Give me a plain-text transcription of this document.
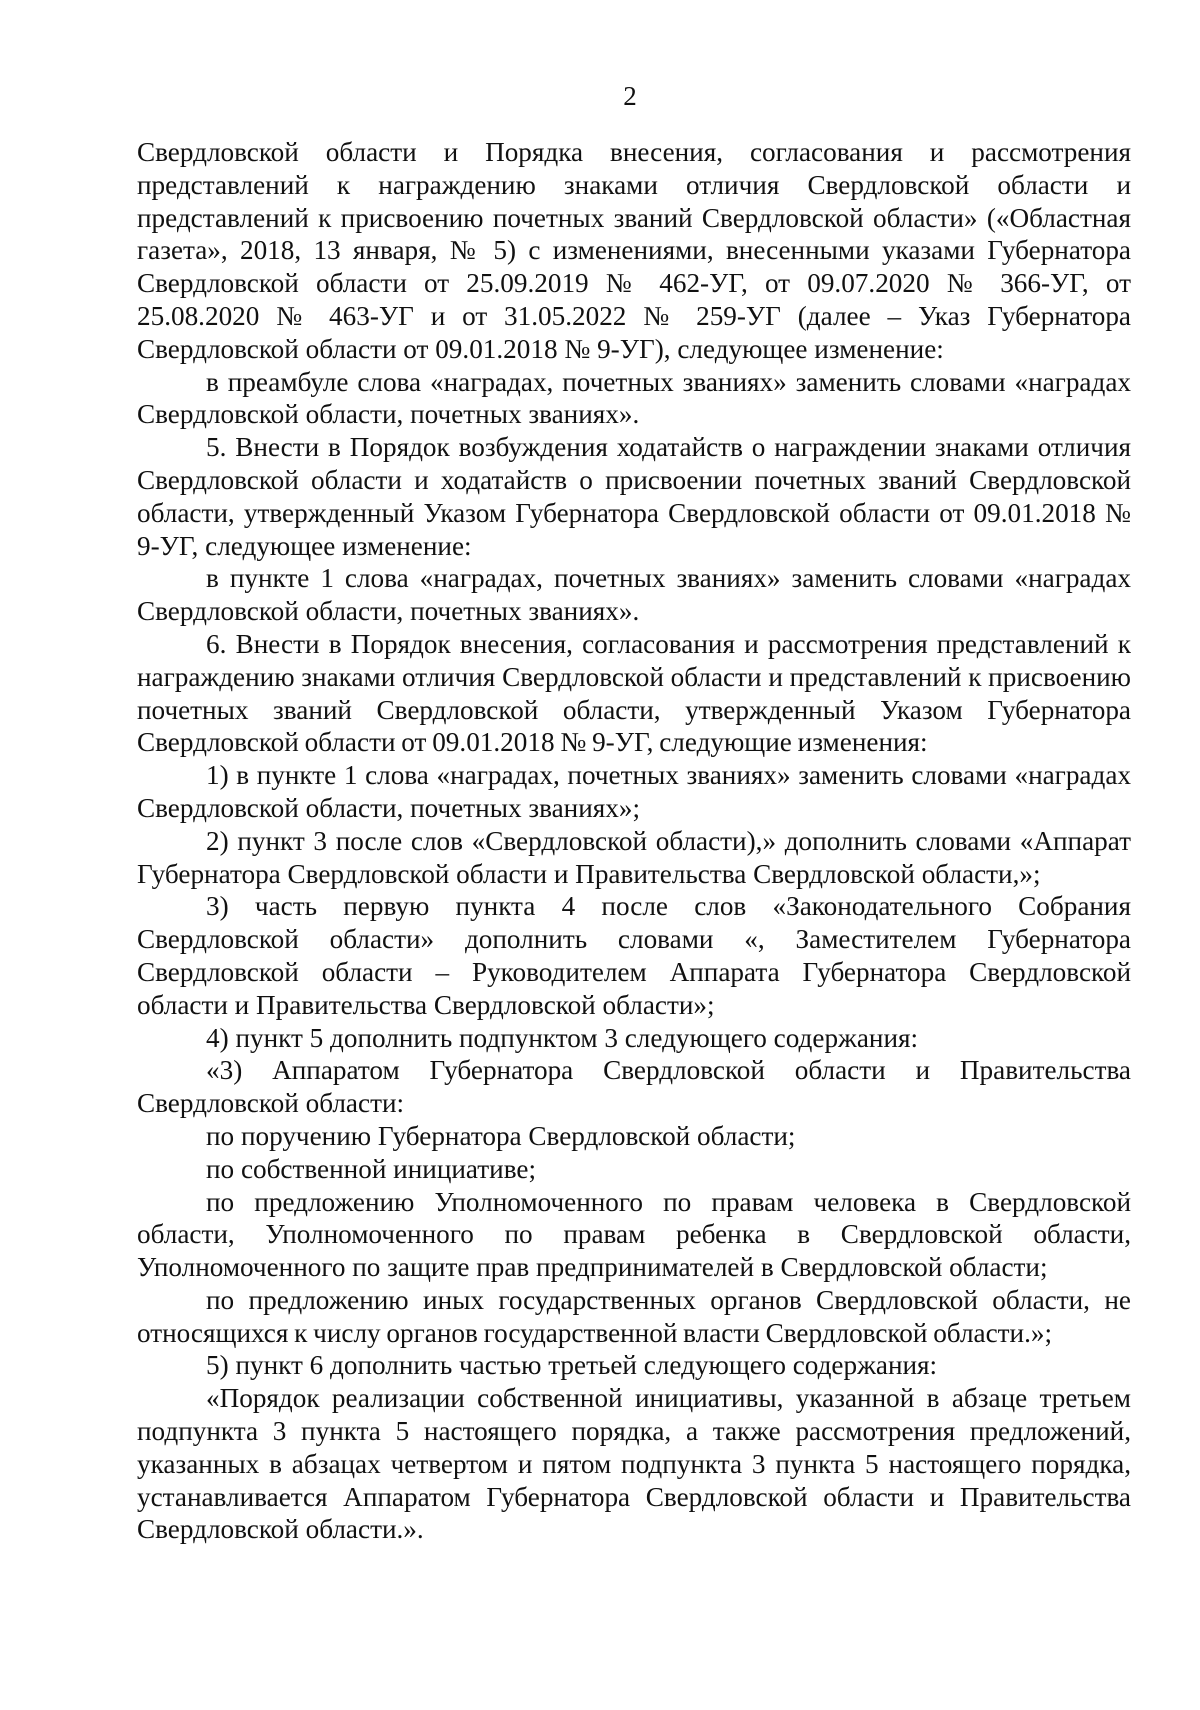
2

Свердловской области и Порядка внесения, согласования и рассмотрения представлений к награждению знаками отличия Свердловской области и представлений к присвоению почетных званий Свердловской области» («Областная газета», 2018, 13 января, № 5) с изменениями, внесенными указами Губернатора Свердловской области от 25.09.2019 № 462-УГ, от 09.07.2020 № 366-УГ, от 25.08.2020 № 463-УГ и от 31.05.2022 № 259-УГ (далее – Указ Губернатора Свердловской области от 09.01.2018 № 9-УГ), следующее изменение:

в преамбуле слова «наградах, почетных званиях» заменить словами «наградах Свердловской области, почетных званиях».

5. Внести в Порядок возбуждения ходатайств о награждении знаками отличия Свердловской области и ходатайств о присвоении почетных званий Свердловской области, утвержденный Указом Губернатора Свердловской области от 09.01.2018 № 9-УГ, следующее изменение:

в пункте 1 слова «наградах, почетных званиях» заменить словами «наградах Свердловской области, почетных званиях».

6. Внести в Порядок внесения, согласования и рассмотрения представлений к награждению знаками отличия Свердловской области и представлений к присвоению почетных званий Свердловской области, утвержденный Указом Губернатора Свердловской области от 09.01.2018 № 9-УГ, следующие изменения:

1) в пункте 1 слова «наградах, почетных званиях» заменить словами «наградах Свердловской области, почетных званиях»;

2) пункт 3 после слов «Свердловской области),» дополнить словами «Аппарат Губернатора Свердловской области и Правительства Свердловской области,»;

3) часть первую пункта 4 после слов «Законодательного Собрания Свердловской области» дополнить словами «, Заместителем Губернатора Свердловской области – Руководителем Аппарата Губернатора Свердловской области и Правительства Свердловской области»;

4) пункт 5 дополнить подпунктом 3 следующего содержания:

«3) Аппаратом Губернатора Свердловской области и Правительства Свердловской области:

по поручению Губернатора Свердловской области;

по собственной инициативе;

по предложению Уполномоченного по правам человека в Свердловской области, Уполномоченного по правам ребенка в Свердловской области, Уполномоченного по защите прав предпринимателей в Свердловской области;

по предложению иных государственных органов Свердловской области, не относящихся к числу органов государственной власти Свердловской области.»;

5) пункт 6 дополнить частью третьей следующего содержания:

«Порядок реализации собственной инициативы, указанной в абзаце третьем подпункта 3 пункта 5 настоящего порядка, а также рассмотрения предложений, указанных в абзацах четвертом и пятом подпункта 3 пункта 5 настоящего порядка, устанавливается Аппаратом Губернатора Свердловской области и Правительства Свердловской области.».
